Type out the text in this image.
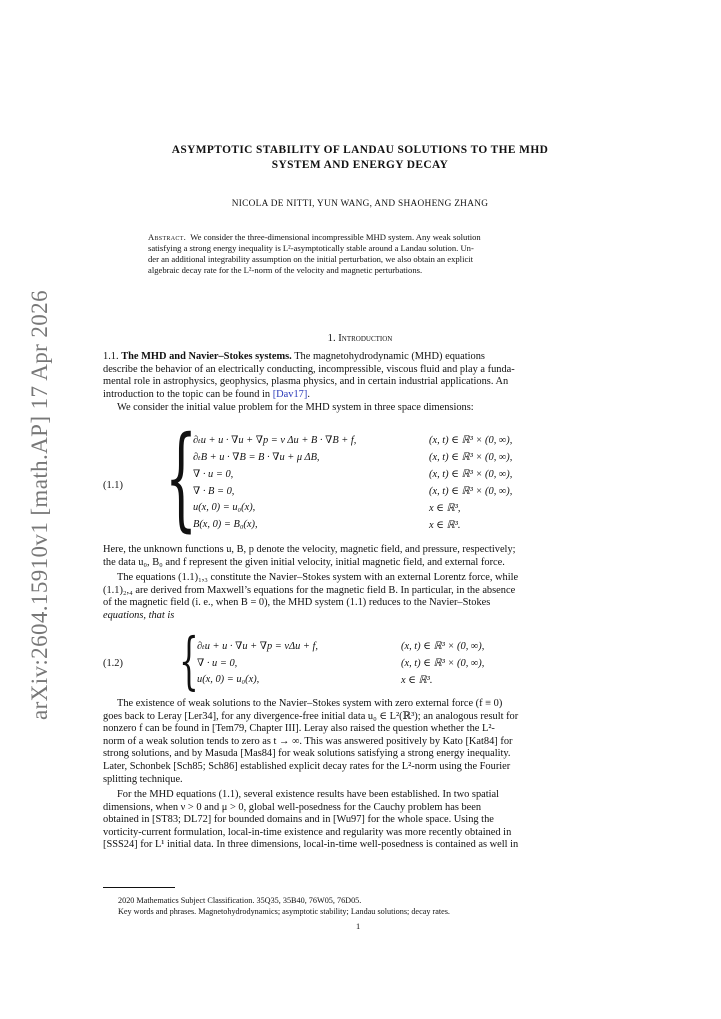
arXiv:2604.15910v1 [math.AP] 17 Apr 2026
ASYMPTOTIC STABILITY OF LANDAU SOLUTIONS TO THE MHD
SYSTEM AND ENERGY DECAY
NICOLA DE NITTI, YUN WANG, AND SHAOHENG ZHANG
Abstract. We consider the three-dimensional incompressible MHD system. Any weak solution
satisfying a strong energy inequality is L²-asymptotically stable around a Landau solution. Un-
der an additional integrability assumption on the initial perturbation, we also obtain an explicit
algebraic decay rate for the L²-norm of the velocity and magnetic perturbations.
1. Introduction
1.1. The MHD and Navier–Stokes systems. The magnetohydrodynamic (MHD) equations
describe the behavior of an electrically conducting, incompressible, viscous fluid and play a funda-
mental role in astrophysics, geophysics, plasma physics, and in certain industrial applications. An
introduction to the topic can be found in [Dav17].
We consider the initial value problem for the MHD system in three space dimensions:
(1.1) {
∂ₜu + u · ∇u + ∇p = ν Δu + B · ∇B + f,	(x, t) ∈ ℝ³ × (0, ∞),
∂ₜB + u · ∇B = B · ∇u + μ ΔB,	(x, t) ∈ ℝ³ × (0, ∞),
∇ · u = 0,	(x, t) ∈ ℝ³ × (0, ∞),
∇ · B = 0,	(x, t) ∈ ℝ³ × (0, ∞),
u(x, 0) = u₀(x),	x ∈ ℝ³,
B(x, 0) = B₀(x),	x ∈ ℝ³.
Here, the unknown functions u, B, p denote the velocity, magnetic field, and pressure, respectively;
the data u₀, B₀ and f represent the given initial velocity, initial magnetic field, and external force.
The equations (1.1)₁,₃ constitute the Navier–Stokes system with an external Lorentz force, while
(1.1)₂,₄ are derived from Maxwell’s equations for the magnetic field B. In particular, in the absence
of the magnetic field (i. e., when B = 0), the MHD system (1.1) reduces to the Navier–Stokes
equations, that is
(1.2) {
∂ₜu + u · ∇u + ∇p = νΔu + f,	(x, t) ∈ ℝ³ × (0, ∞),
∇ · u = 0,	(x, t) ∈ ℝ³ × (0, ∞),
u(x, 0) = u₀(x),	x ∈ ℝ³.
The existence of weak solutions to the Navier–Stokes system with zero external force (f ≡ 0)
goes back to Leray [Ler34], for any divergence-free initial data u₀ ∈ L²(ℝ³); an analogous result for
nonzero f can be found in [Tem79, Chapter III]. Leray also raised the question whether the L²-
norm of a weak solution tends to zero as t → ∞. This was answered positively by Kato [Kat84] for
strong solutions, and by Masuda [Mas84] for weak solutions satisfying a strong energy inequality.
Later, Schonbek [Sch85; Sch86] established explicit decay rates for the L²-norm using the Fourier
splitting technique.
For the MHD equations (1.1), several existence results have been established. In two spatial
dimensions, when ν > 0 and μ > 0, global well-posedness for the Cauchy problem has been
obtained in [ST83; DL72] for bounded domains and in [Wu97] for the whole space. Using the
vorticity-current formulation, local-in-time existence and regularity was more recently obtained in
[SSS24] for L¹ initial data. In three dimensions, local-in-time well-posedness is contained as well in
2020 Mathematics Subject Classification. 35Q35, 35B40, 76W05, 76D05.
Key words and phrases. Magnetohydrodynamics; asymptotic stability; Landau solutions; decay rates.
1
